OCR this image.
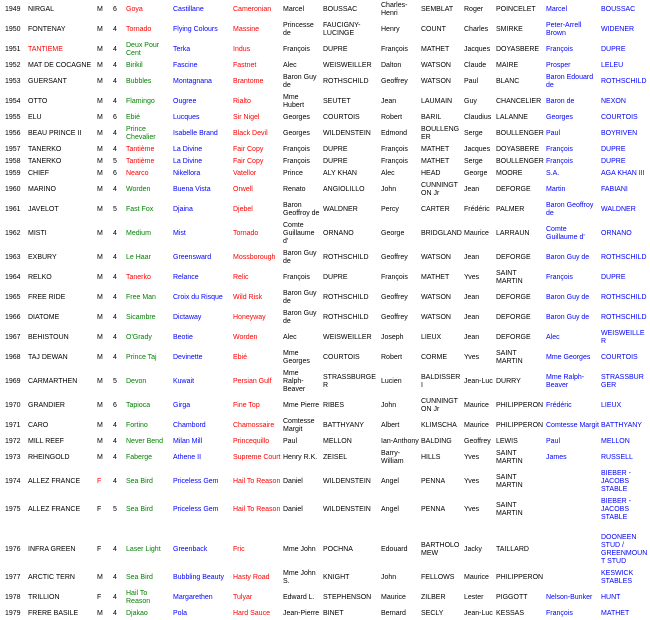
1949	NIRGAL	M	6	Goya	Castillane	Cameronian	Marcel	BOUSSAC	Charles-Henri	SEMBLAT	Roger	POINCELET	Marcel	BOUSSAC
1950	FONTENAY	M	4	Tornado	Flying Colours	Massine	Princesse de	FAUCIGNY-LUCINGE	Henry	COUNT	Charles	SMIRKE	Peter-Arrell Brown	WIDENER
1951	TANTIEME	M	4	Deux Pour Cent	Terka	Indus	François	DUPRE	François	MATHET	Jacques	DOYASBERE	François	DUPRE
1952	MAT DE COCAGNE	M	4	Birikil	Fascine	Fastnet	Alec	WEISWEILLER	Dalton	WATSON	Claude	MAIRE	Prosper	LELEU
1953	GUERSANT	M	4	Bubbles	Montagnana	Brantome	Baron Guy de	ROTHSCHILD	Geoffrey	WATSON	Paul	BLANC	Baron Edouard de	ROTHSCHILD
1954	OTTO	M	4	Flamingo	Ougree	Rialto	Mme Hubert	SEUTET	Jean	LAUMAIN	Guy	CHANCELIER	Baron de	NEXON
1955	ELU	M	6	Ebié	Lucques	Sir Nigel	Georges	COURTOIS	Robert	BARIL	Claudius	LALANNE	Georges	COURTOIS
1956	BEAU PRINCE II	M	4	Prince Chevalier	Isabelle Brand	Black Devil	Georges	WILDENSTEIN	Edmond	BOULLENGER	Serge	BOULLENGER	Paul	BOYRIVEN
1957	TANERKO	M	4	Tantième	La Divine	Fair Copy	François	DUPRE	François	MATHET	Jacques	DOYASBERE	François	DUPRE
1958	TANERKO	M	5	Tantième	La Divine	Fair Copy	François	DUPRE	François	MATHET	Serge	BOULLENGER	François	DUPRE
1959	CHIEF	M	6	Nearco	Nikellora	Vatellor	Prince	ALY KHAN	Alec	HEAD	George	MOORE	S.A.	AGA KHAN III
1960	MARINO	M	4	Worden	Buena Vista	Orwell	Renato	ANGIOLILLO	John	CUNNINGTON Jr	Jean	DEFORGE	Martin	FABIANI
1961	JAVELOT	M	5	Fast Fox	Djaina	Djebel	Baron Geoffroy de	WALDNER	Percy	CARTER	Frédéric	PALMER	Baron Geoffroy de	WALDNER
1962	MISTI	M	4	Medium	Mist	Tornado	Comte Guillaume d'	ORNANO	George	BRIDGLAND	Maurice	LARRAUN	Comte Guillaume d'	ORNANO
1963	EXBURY	M	4	Le Haar	Greensward	Mossborough	Baron Guy de	ROTHSCHILD	Geoffrey	WATSON	Jean	DEFORGE	Baron Guy de	ROTHSCHILD
1964	RELKO	M	4	Tanerko	Relance	Relic	François	DUPRE	François	MATHET	Yves	SAINT MARTIN	François	DUPRE
1965	FREE RIDE	M	4	Free Man	Croix du Risque	Wild Risk	Baron Guy de	ROTHSCHILD	Geoffrey	WATSON	Jean	DEFORGE	Baron Guy de	ROTHSCHILD
1966	DIATOME	M	4	Sicambre	Dictaway	Honeyway	Baron Guy de	ROTHSCHILD	Geoffrey	WATSON	Jean	DEFORGE	Baron Guy de	ROTHSCHILD
1967	BEHISTOUN	M	4	O'Grady	Beotie	Worden	Alec	WEISWEILLER	Joseph	LIEUX	Jean	DEFORGE	Alec	WEISWEILLER
1968	TAJ DEWAN	M	4	Prince Taj	Devinette	Ebié	Mme Georges	COURTOIS	Robert	CORME	Yves	SAINT MARTIN	Mme Georges	COURTOIS
1969	CARMARTHEN	M	5	Devon	Kuwait	Persian Gulf	Mme Ralph-Beaver	STRASSBURGER	Lucien	BALDISSERI	Jean-Luc	DURRY	Mme Ralph-Beaver	STRASSBURGER
1970	GRANDIER	M	6	Tapioca	Girga	Fine Top	Mme Pierre	RIBES	John	CUNNINGTON Jr	Maurice	PHILIPPERON	Frédéric	LIEUX
1971	CARO	M	4	Fortino	Chambord	Chamossaire	Comtesse Margit	BATTHYANY	Albert	KLIMSCHA	Maurice	PHILIPPERON	Comtesse Margit	BATTHYANY
1972	MILL REEF	M	4	Never Bend	Milan Mill	Princequillo	Paul	MELLON	Ian-Anthony	BALDING	Geoffrey	LEWIS	Paul	MELLON
1973	RHEINGOLD	M	4	Faberge	Athene II	Supreme Court	Henry R.K.	ZEISEL	Barry-William	HILLS	Yves	SAINT MARTIN	James	RUSSELL
1974	ALLEZ FRANCE	F	4	Sea Bird	Priceless Gem	Hail To Reason	Daniel	WILDENSTEIN	Angel	PENNA	Yves	SAINT MARTIN		BIEBER - JACOBS STABLE
1975	ALLEZ FRANCE	F	5	Sea Bird	Priceless Gem	Hail To Reason	Daniel	WILDENSTEIN	Angel	PENNA	Yves	SAINT MARTIN		BIEBER - JACOBS STABLE

1976	INFRA GREEN	F	4	Laser Light	Greenback	Fric	Mme John	POCHNA	Edouard	BARTHOLOMEW	Jacky	TAILLARD		DOONEEN STUD / GREENMOUNT STUD
1977	ARCTIC TERN	M	4	Sea Bird	Bubbling Beauty	Hasty Road	Mme John S.	KNIGHT	John	FELLOWS	Maurice	PHILIPPERON		KESWICK STABLES
1978	TRILLION	F	4	Hail To Reason	Margarethen	Tulyar	Edward L.	STEPHENSON	Maurice	ZILBER	Lester	PIGGOTT	Nelson-Bunker	HUNT
1979	FRERE BASILE	M	4	Djakao	Pola	Hard Sauce	Jean-Pierre	BINET	Bernard	SECLY	Jean-Luc	KESSAS	François	MATHET
